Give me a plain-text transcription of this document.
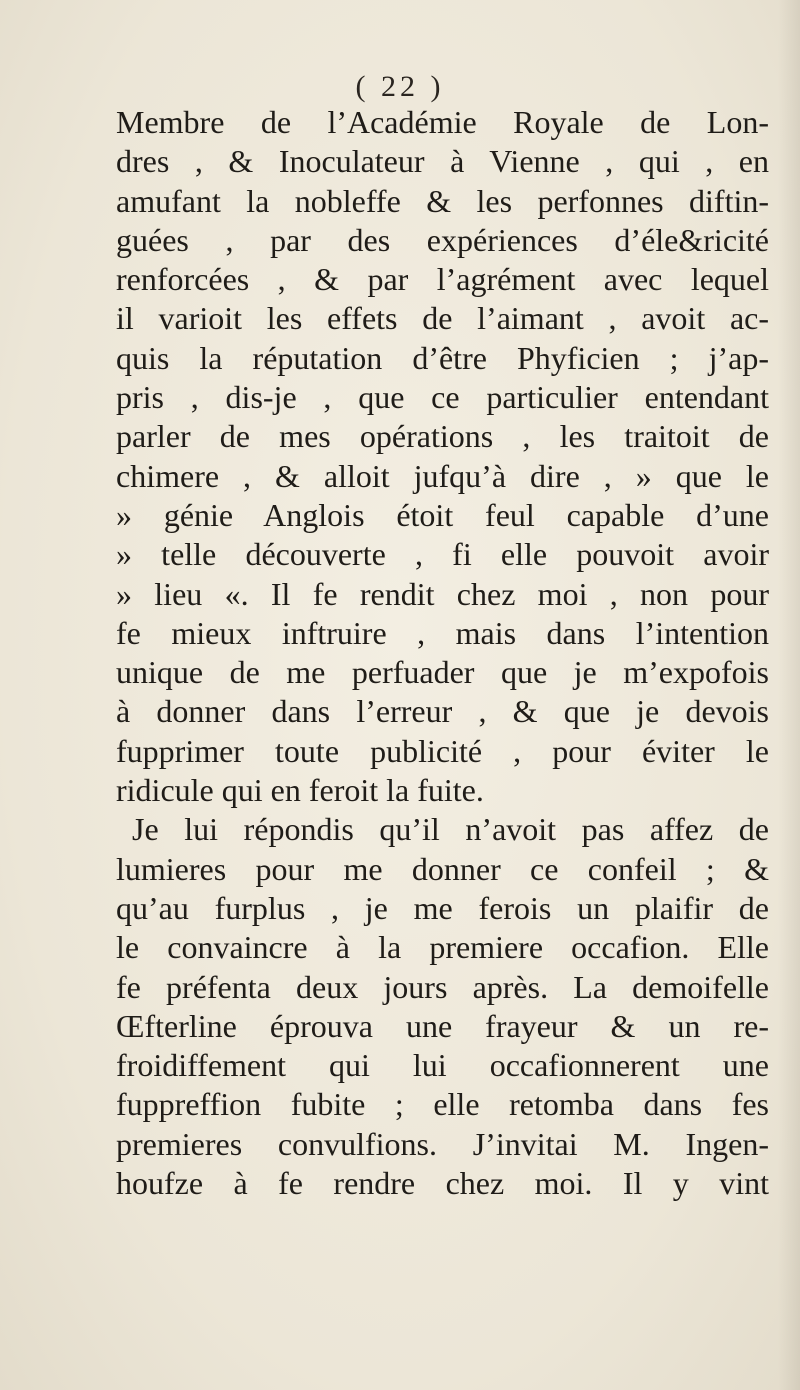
( 22 )
Membre de l’Académie Royale de Lon-
dres , & Inoculateur à Vienne , qui , en
amufant la nobleffe & les perfonnes diftin-
guées , par des expériences d’éle&ricité
renforcées , & par l’agrément avec lequel
il varioit les effets de l’aimant , avoit ac-
quis la réputation d’être Phyficien ; j’ap-
pris , dis-je , que ce particulier entendant
parler de mes opérations , les traitoit de
chimere , & alloit jufqu’à dire , » que le
» génie Anglois étoit feul capable d’une
» telle découverte , fi elle pouvoit avoir
» lieu «. Il fe rendit chez moi , non pour
fe mieux inftruire , mais dans l’intention
unique de me perfuader que je m’expofois
à donner dans l’erreur , & que je devois
fupprimer toute publicité , pour éviter le
ridicule qui en feroit la fuite.
Je lui répondis qu’il n’avoit pas affez de
lumieres pour me donner ce confeil ; &
qu’au furplus , je me ferois un plaifir de
le convaincre à la premiere occafion. Elle
fe préfenta deux jours après. La demoifelle
Œfterline éprouva une frayeur & un re-
froidiffement qui lui occafionnerent une
fuppreffion fubite ; elle retomba dans fes
premieres convulfions. J’invitai M. Ingen-
houfze à fe rendre chez moi. Il y vint
